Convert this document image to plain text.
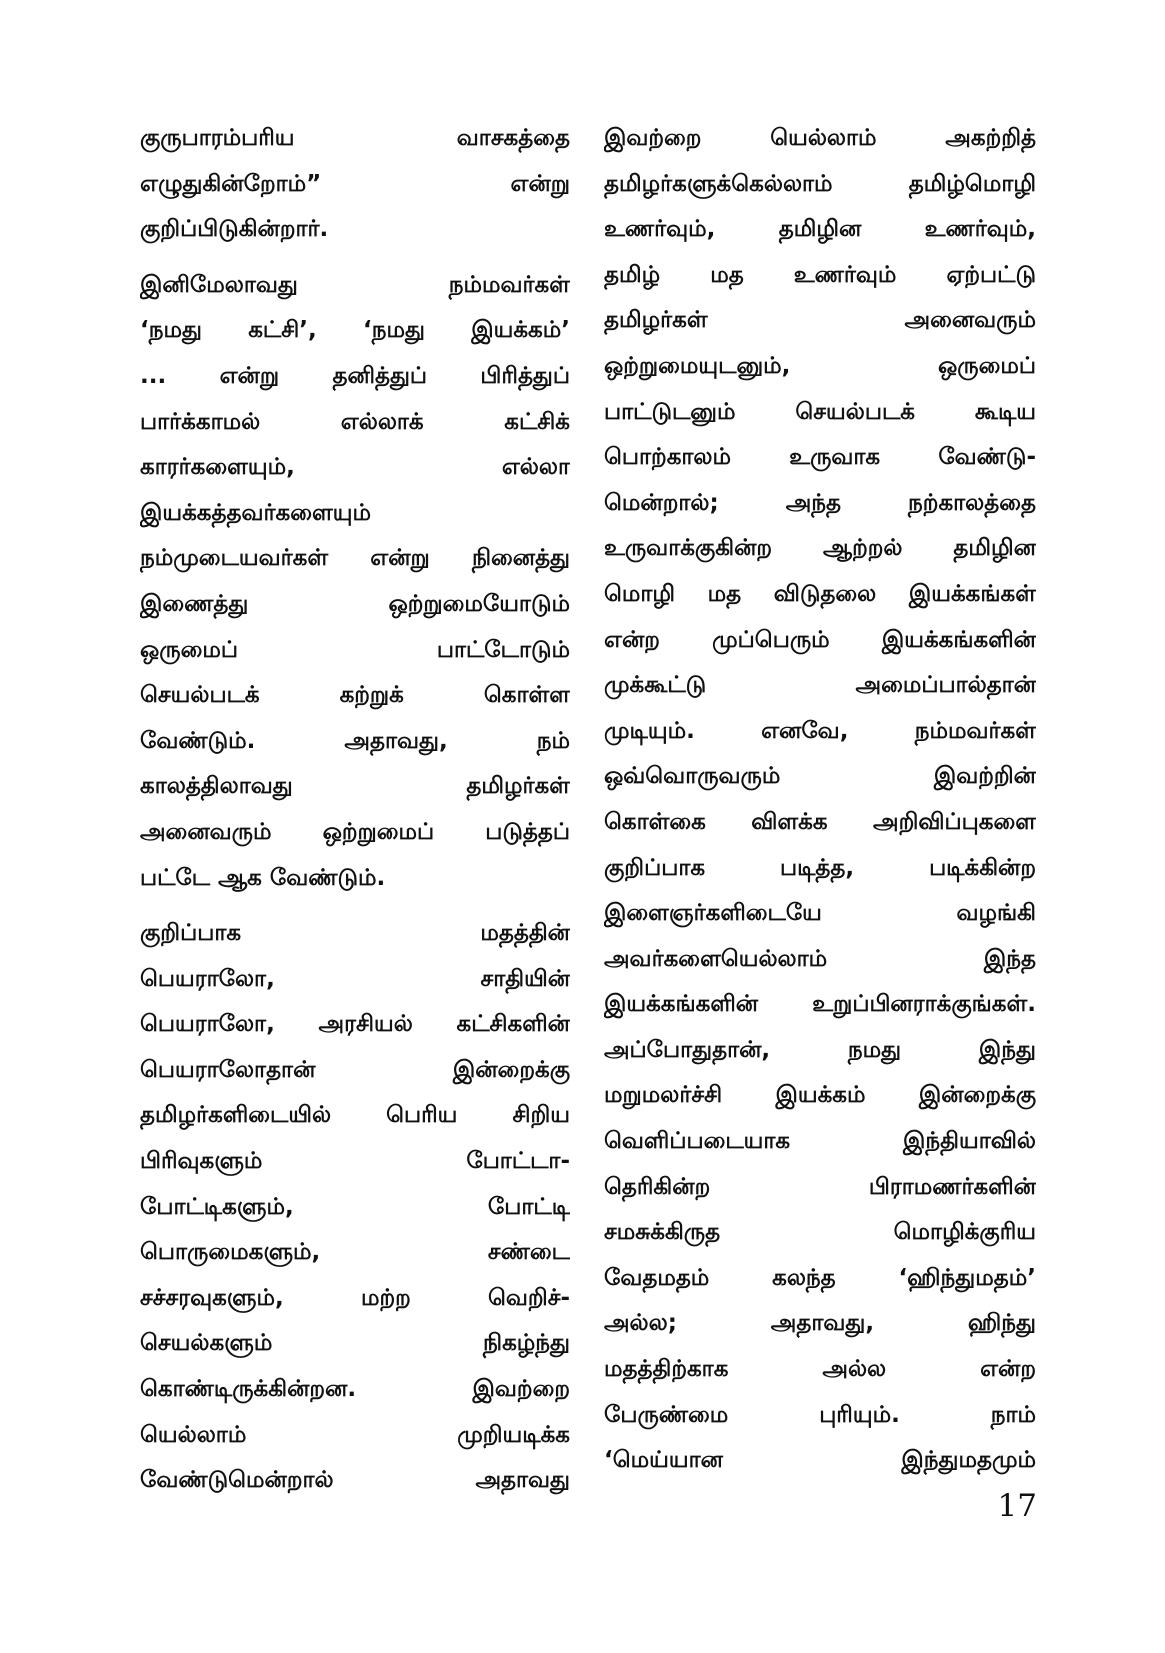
குருபாரம்பரிய வாசகத்தை
எழுதுகின்றோம்” என்று
குறிப்பிடுகின்றார்.
இனிமேலாவது நம்மவர்கள்
‘நமது கட்சி’, ‘நமது இயக்கம்’
... என்று தனித்துப் பிரித்துப்
பார்க்காமல் எல்லாக் கட்சிக்
காரர்களையும், எல்லா
இயக்கத்தவர்களையும்
நம்முடையவர்கள் என்று நினைத்து
இணைத்து ஒற்றுமையோடும்
ஒருமைப் பாட்டோடும்
செயல்படக் கற்றுக் கொள்ள
வேண்டும். அதாவது, நம்
காலத்திலாவது தமிழர்கள்
அனைவரும் ஒற்றுமைப் படுத்தப்
பட்டே ஆக வேண்டும்.
குறிப்பாக மதத்தின்
பெயராலோ, சாதியின்
பெயராலோ, அரசியல் கட்சிகளின்
பெயராலோதான் இன்றைக்கு
தமிழர்களிடையில் பெரிய சிறிய
பிரிவுகளும் போட்டா-
போட்டிகளும், போட்டி
பொருமைகளும், சண்டை
சச்சரவுகளும், மற்ற வெறிச்-
செயல்களும் நிகழ்ந்து
கொண்டிருக்கின்றன. இவற்றை
யெல்லாம் முறியடிக்க
வேண்டுமென்றால் அதாவது
இவற்றை யெல்லாம் அகற்றித்
தமிழர்களுக்கெல்லாம் தமிழ்மொழி
உணர்வும், தமிழின உணர்வும்,
தமிழ் மத உணர்வும் ஏற்பட்டு
தமிழர்கள் அனைவரும்
ஒற்றுமையுடனும், ஒருமைப்
பாட்டுடனும் செயல்படக் கூடிய
பொற்காலம் உருவாக வேண்டு-
மென்றால்; அந்த நற்காலத்தை
உருவாக்குகின்ற ஆற்றல் தமிழின
மொழி மத விடுதலை இயக்கங்கள்
என்ற முப்பெரும் இயக்கங்களின்
முக்கூட்டு அமைப்பால்தான்
முடியும். எனவே, நம்மவர்கள்
ஒவ்வொருவரும் இவற்றின்
கொள்கை விளக்க அறிவிப்புகளை
குறிப்பாக படித்த, படிக்கின்ற
இளைஞர்களிடையே வழங்கி
அவர்களையெல்லாம் இந்த
இயக்கங்களின் உறுப்பினராக்குங்கள்.
அப்போதுதான், நமது இந்து
மறுமலர்ச்சி இயக்கம் இன்றைக்கு
வெளிப்படையாக இந்தியாவில்
தெரிகின்ற பிராமணர்களின்
சமசுக்கிருத மொழிக்குரிய
வேதமதம் கலந்த ‘ஹிந்துமதம்’
அல்ல; அதாவது, ஹிந்து
மதத்திற்காக அல்ல என்ற
பேருண்மை புரியும். நாம்
‘மெய்யான இந்துமதமும்
17
